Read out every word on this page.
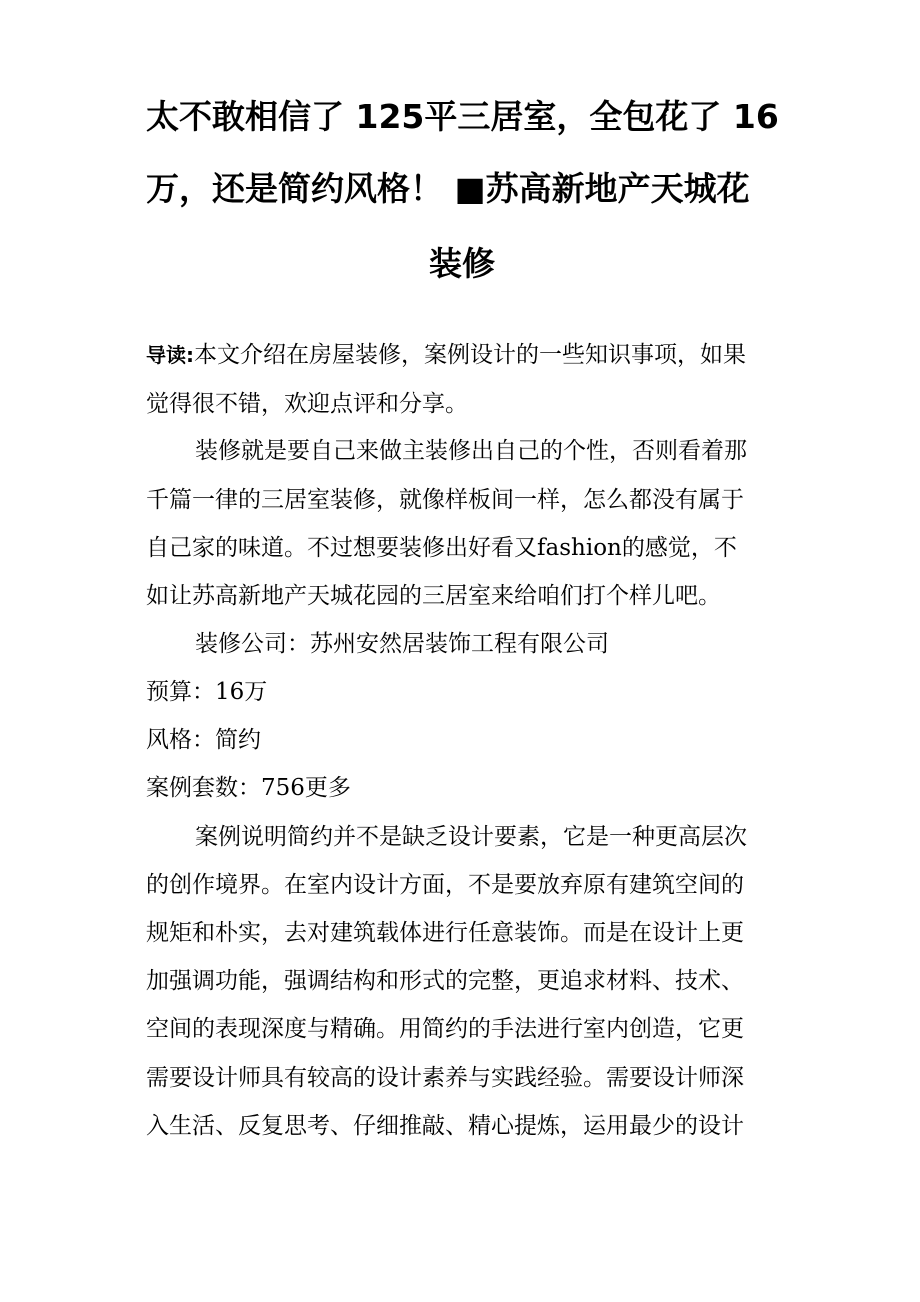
太不敢相信了 125平三居室，全包花了 16
万，还是简约风格！ ■苏高新地产天城花
装修
导读:本文介绍在房屋装修，案例设计的一些知识事项，如果
觉得很不错，欢迎点评和分享。
装修就是要自己来做主装修出自己的个性，否则看着那
千篇一律的三居室装修，就像样板间一样，怎么都没有属于
自己家的味道。不过想要装修出好看又fashion的感觉，不
如让苏高新地产天城花园的三居室来给咱们打个样儿吧。
装修公司：苏州安然居装饰工程有限公司
预算：16万
风格：简约
案例套数：756更多
案例说明简约并不是缺乏设计要素，它是一种更高层次
的创作境界。在室内设计方面，不是要放弃原有建筑空间的
规矩和朴实，去对建筑载体进行任意装饰。而是在设计上更
加强调功能，强调结构和形式的完整，更追求材料、技术、
空间的表现深度与精确。用简约的手法进行室内创造，它更
需要设计师具有较高的设计素养与实践经验。需要设计师深
入生活、反复思考、仔细推敲、精心提炼，运用最少的设计
